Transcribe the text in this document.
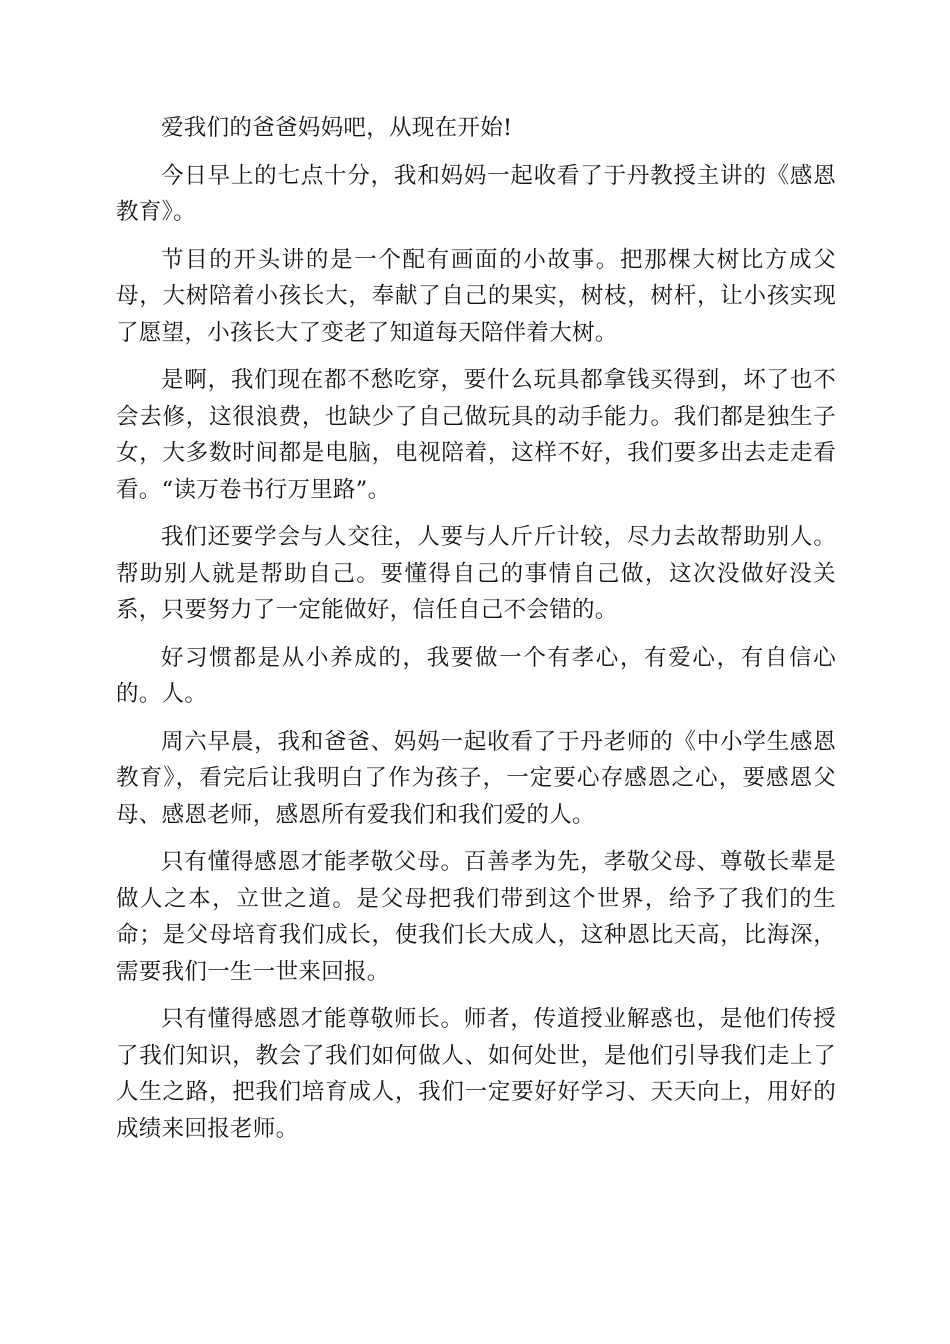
爱我们的爸爸妈妈吧，从现在开始!

今日早上的七点十分，我和妈妈一起收看了于丹教授主讲的《感恩教育》。

节目的开头讲的是一个配有画面的小故事。把那棵大树比方成父母，大树陪着小孩长大，奉献了自己的果实，树枝，树杆，让小孩实现了愿望，小孩长大了变老了知道每天陪伴着大树。

是啊，我们现在都不愁吃穿，要什么玩具都拿钱买得到，坏了也不会去修，这很浪费，也缺少了自己做玩具的动手能力。我们都是独生子女，大多数时间都是电脑，电视陪着，这样不好，我们要多出去走走看看。“读万卷书行万里路”。

我们还要学会与人交往，人要与人斤斤计较，尽力去故帮助别人。帮助别人就是帮助自己。要懂得自己的事情自己做，这次没做好没关系，只要努力了一定能做好，信任自己不会错的。

好习惯都是从小养成的，我要做一个有孝心，有爱心，有自信心的。人。

周六早晨，我和爸爸、妈妈一起收看了于丹老师的《中小学生感恩教育》，看完后让我明白了作为孩子，一定要心存感恩之心，要感恩父母、感恩老师，感恩所有爱我们和我们爱的人。

只有懂得感恩才能孝敬父母。百善孝为先，孝敬父母、尊敬长辈是做人之本，立世之道。是父母把我们带到这个世界，给予了我们的生命；是父母培育我们成长，使我们长大成人，这种恩比天高，比海深，需要我们一生一世来回报。

只有懂得感恩才能尊敬师长。师者，传道授业解惑也，是他们传授了我们知识，教会了我们如何做人、如何处世，是他们引导我们走上了人生之路，把我们培育成人，我们一定要好好学习、天天向上，用好的成绩来回报老师。
